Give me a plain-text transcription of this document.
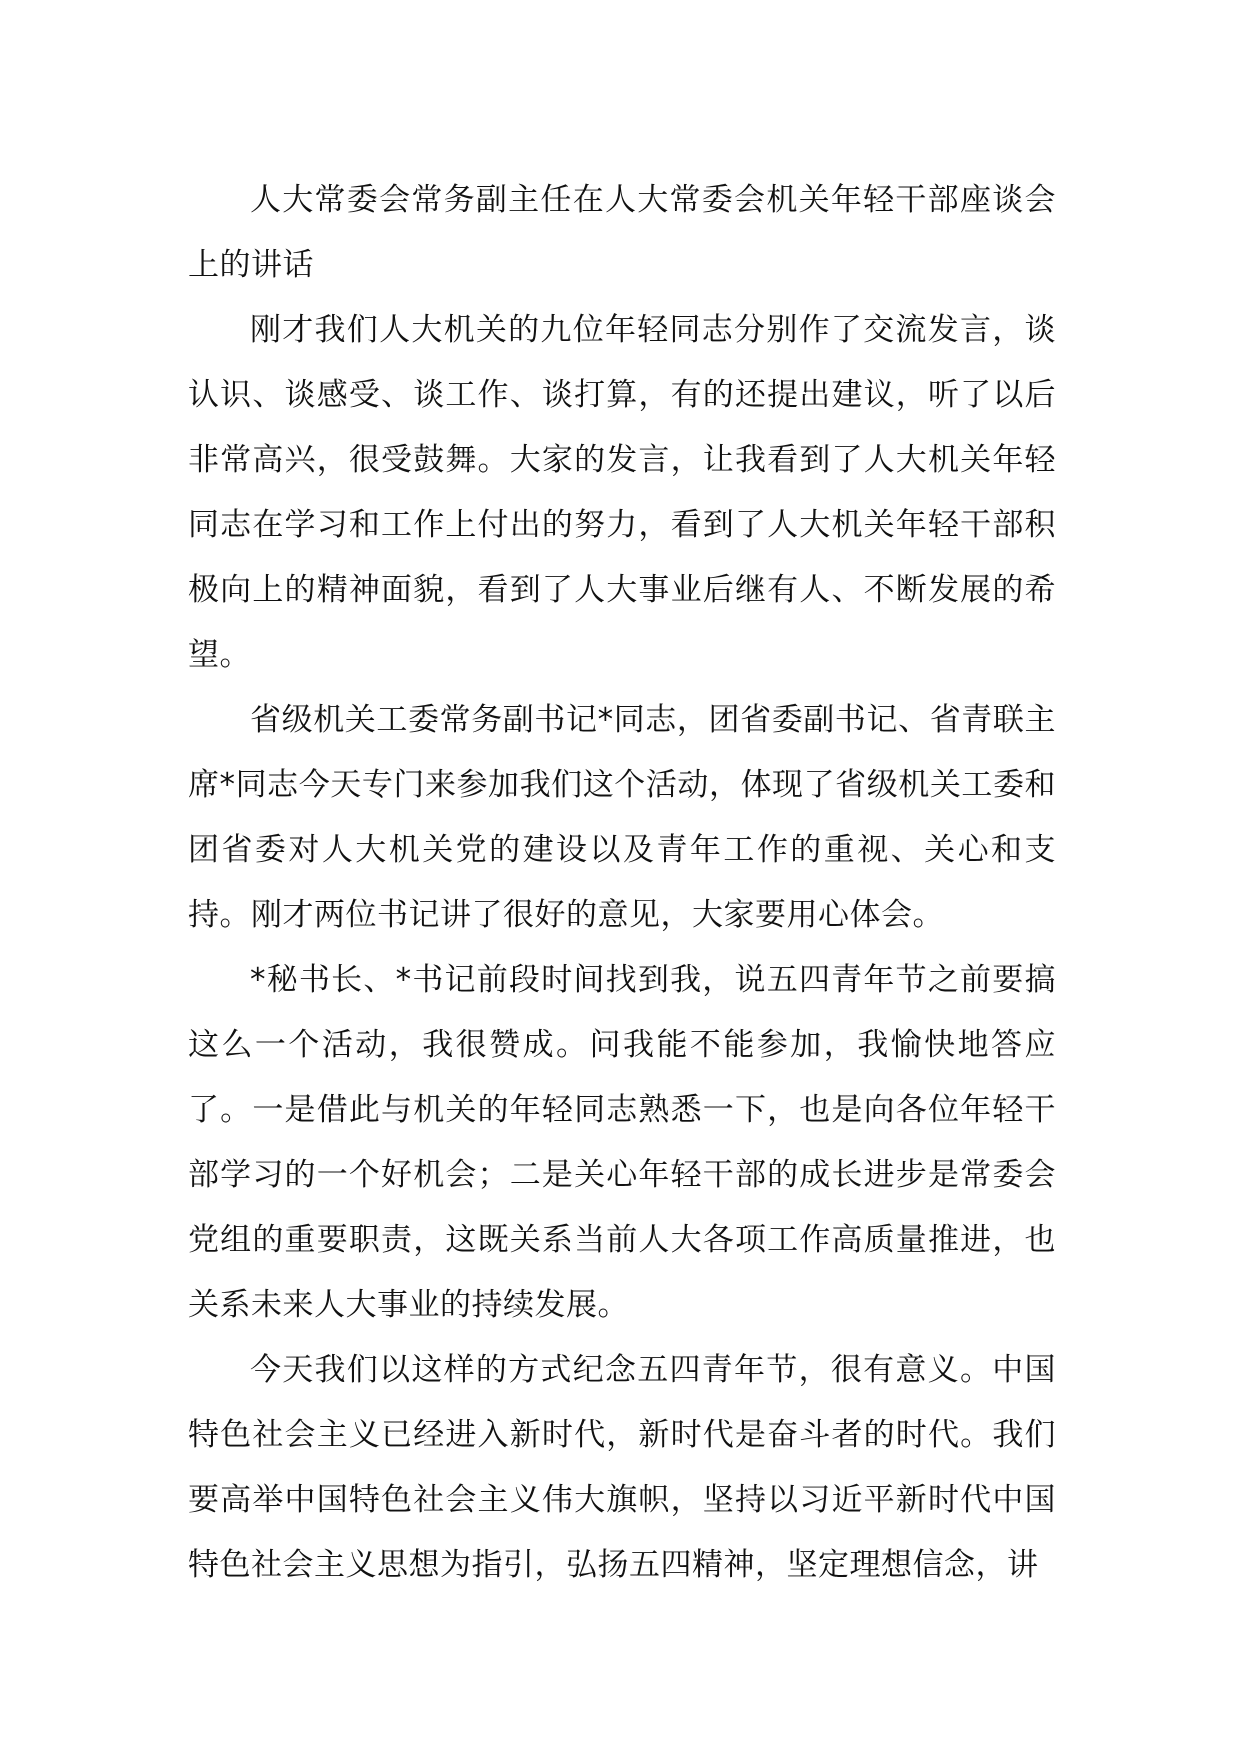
人大常委会常务副主任在人大常委会机关年轻干部座谈会上的讲话

刚才我们人大机关的九位年轻同志分别作了交流发言，谈认识、谈感受、谈工作、谈打算，有的还提出建议，听了以后非常高兴，很受鼓舞。大家的发言，让我看到了人大机关年轻同志在学习和工作上付出的努力，看到了人大机关年轻干部积极向上的精神面貌，看到了人大事业后继有人、不断发展的希望。

省级机关工委常务副书记*同志，团省委副书记、省青联主席*同志今天专门来参加我们这个活动，体现了省级机关工委和团省委对人大机关党的建设以及青年工作的重视、关心和支持。刚才两位书记讲了很好的意见，大家要用心体会。

*秘书长、*书记前段时间找到我，说五四青年节之前要搞这么一个活动，我很赞成。问我能不能参加，我愉快地答应了。一是借此与机关的年轻同志熟悉一下，也是向各位年轻干部学习的一个好机会；二是关心年轻干部的成长进步是常委会党组的重要职责，这既关系当前人大各项工作高质量推进，也关系未来人大事业的持续发展。

今天我们以这样的方式纪念五四青年节，很有意义。中国特色社会主义已经进入新时代，新时代是奋斗者的时代。我们要高举中国特色社会主义伟大旗帜，坚持以习近平新时代中国特色社会主义思想为指引，弘扬五四精神，坚定理想信念，讲
